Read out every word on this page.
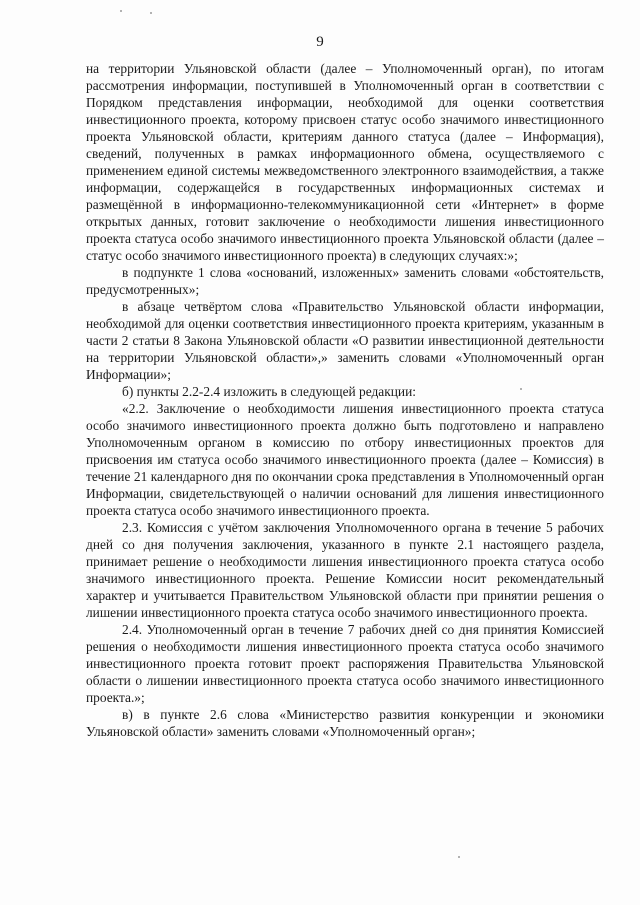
9

на территории Ульяновской области (далее – Уполномоченный орган), по итогам рассмотрения информации, поступившей в Уполномоченный орган в соответствии с Порядком представления информации, необходимой для оценки соответствия инвестиционного проекта, которому присвоен статус особо значимого инвестиционного проекта Ульяновской области, критериям данного статуса (далее – Информация), сведений, полученных в рамках информационного обмена, осуществляемого с применением единой системы межведомственного электронного взаимодействия, а также информации, содержащейся в государственных информационных системах и размещённой в информационно-телекоммуникационной сети «Интернет» в форме открытых данных, готовит заключение о необходимости лишения инвестиционного проекта статуса особо значимого инвестиционного проекта Ульяновской области (далее – статус особо значимого инвестиционного проекта) в следующих случаях:»;

в подпункте 1 слова «оснований, изложенных» заменить словами «обстоятельств, предусмотренных»;

в абзаце четвёртом слова «Правительство Ульяновской области информации, необходимой для оценки соответствия инвестиционного проекта критериям, указанным в части 2 статьи 8 Закона Ульяновской области «О развитии инвестиционной деятельности на территории Ульяновской области»,» заменить словами «Уполномоченный орган Информации»;

б) пункты 2.2-2.4 изложить в следующей редакции:

«2.2. Заключение о необходимости лишения инвестиционного проекта статуса особо значимого инвестиционного проекта должно быть подготовлено и направлено Уполномоченным органом в комиссию по отбору инвестиционных проектов для присвоения им статуса особо значимого инвестиционного проекта (далее – Комиссия) в течение 21 календарного дня по окончании срока представления в Уполномоченный орган Информации, свидетельствующей о наличии оснований для лишения инвестиционного проекта статуса особо значимого инвестиционного проекта.

2.3. Комиссия с учётом заключения Уполномоченного органа в течение 5 рабочих дней со дня получения заключения, указанного в пункте 2.1 настоящего раздела, принимает решение о необходимости лишения инвестиционного проекта статуса особо значимого инвестиционного проекта. Решение Комиссии носит рекомендательный характер и учитывается Правительством Ульяновской области при принятии решения о лишении инвестиционного проекта статуса особо значимого инвестиционного проекта.

2.4. Уполномоченный орган в течение 7 рабочих дней со дня принятия Комиссией решения о необходимости лишения инвестиционного проекта статуса особо значимого инвестиционного проекта готовит проект распоряжения Правительства Ульяновской области о лишении инвестиционного проекта статуса особо значимого инвестиционного проекта.»;

в) в пункте 2.6 слова «Министерство развития конкуренции и экономики Ульяновской области» заменить словами «Уполномоченный орган»;
